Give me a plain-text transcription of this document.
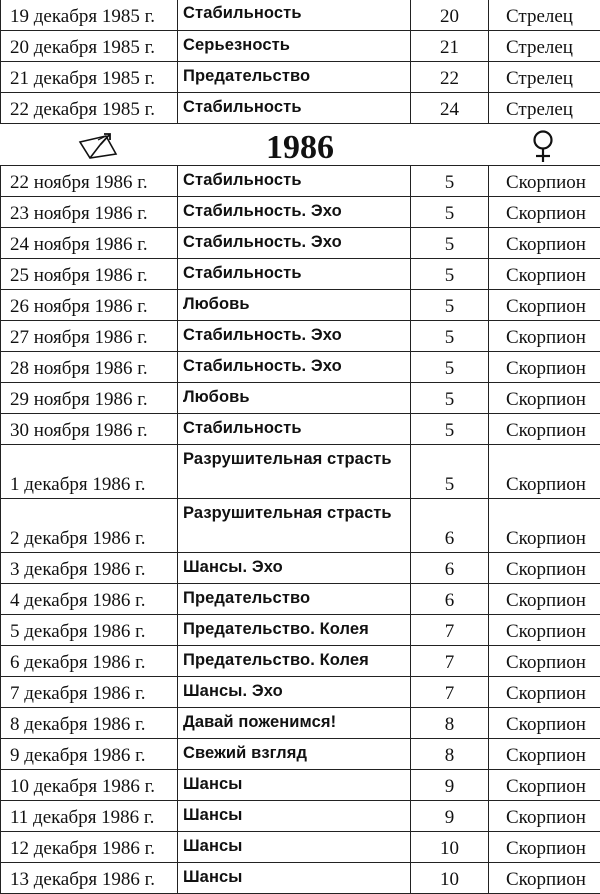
19 декабря 1985 г.	Стабильность	20	Стрелец
20 декабря 1985 г.	Серьезность	21	Стрелец
21 декабря 1985 г.	Предательство	22	Стрелец
22 декабря 1985 г.	Стабильность	24	Стрелец
1986
22 ноября 1986 г.	Стабильность	5	Скорпион
23 ноября 1986 г.	Стабильность. Эхо	5	Скорпион
24 ноября 1986 г.	Стабильность. Эхо	5	Скорпион
25 ноября 1986 г.	Стабильность	5	Скорпион
26 ноября 1986 г.	Любовь	5	Скорпион
27 ноября 1986 г.	Стабильность. Эхо	5	Скорпион
28 ноября 1986 г.	Стабильность. Эхо	5	Скорпион
29 ноября 1986 г.	Любовь	5	Скорпион
30 ноября 1986 г.	Стабильность	5	Скорпион
1 декабря 1986 г.	Разрушительная страсть	5	Скорпион
2 декабря 1986 г.	Разрушительная страсть	6	Скорпион
3 декабря 1986 г.	Шансы. Эхо	6	Скорпион
4 декабря 1986 г.	Предательство	6	Скорпион
5 декабря 1986 г.	Предательство. Колея	7	Скорпион
6 декабря 1986 г.	Предательство. Колея	7	Скорпион
7 декабря 1986 г.	Шансы. Эхо	7	Скорпион
8 декабря 1986 г.	Давай поженимся!	8	Скорпион
9 декабря 1986 г.	Свежий взгляд	8	Скорпион
10 декабря 1986 г.	Шансы	9	Скорпион
11 декабря 1986 г.	Шансы	9	Скорпион
12 декабря 1986 г.	Шансы	10	Скорпион
13 декабря 1986 г.	Шансы	10	Скорпион
